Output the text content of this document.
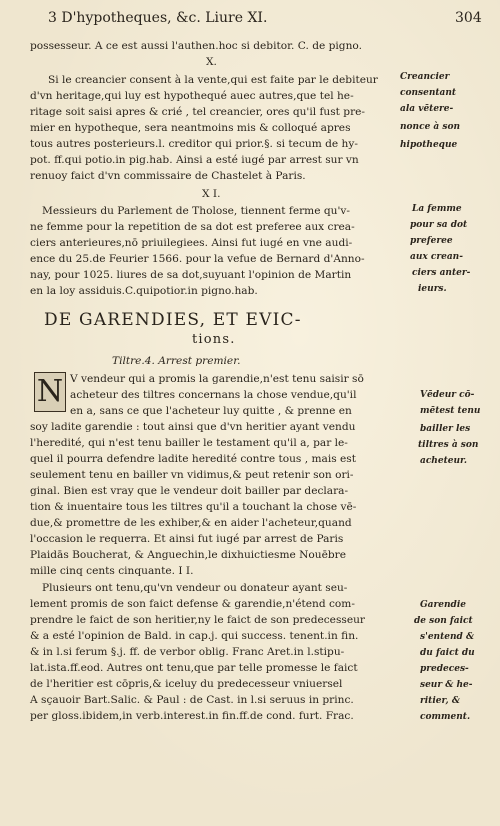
3 D'hypotheques, &c. Liure XI.	304
possesseur. A ce est aussi l'authen.hoc si debitor. C. de pigno.
X.
Si le creancier consent à la vente,qui est faite par le debiteur
d'vn heritage,qui luy est hypothequé auec autres,que tel he-
ritage soit saisi apres & crié , tel creancier, ores qu'il fust pre-
mier en hypotheque, sera neantmoins mis & colloqué apres
tous autres posterieurs.l. creditor qui prior.§. si tecum de hy-
pot. ff.qui potio.in pig.hab. Ainsi a esté iugé par arrest sur vn
renuoy faict d'vn commissaire de Chastelet à Paris.
X I.
Messieurs du Parlement de Tholose, tiennent ferme qu'v-
ne femme pour la repetition de sa dot est preferee aux crea-
ciers anterieures,nō priuilegiees. Ainsi fut iugé en vne audi-
ence du 25.de Feurier 1566. pour la vefue de Bernard d'Anno-
nay, pour 1025. liures de sa dot,suyuant l'opinion de Martin
en la loy assiduis.C.quipotior.in pigno.hab.
DE GARENDIES, ET EVIC-
tions.
Tiltre.4. Arrest premier.
N V vendeur qui a promis la garendie,n'est tenu saisir sō
acheteur des tiltres concernans la chose vendue,qu'il
en a, sans ce que l'acheteur luy quitte , & prenne en
soy ladite garendie : tout ainsi que d'vn heritier ayant vendu
l'heredité, qui n'est tenu bailler le testament qu'il a, par le-
quel il pourra defendre ladite heredité contre tous , mais est
seulement tenu en bailler vn vidimus,& peut retenir son ori-
ginal. Bien est vray que le vendeur doit bailler par declara-
tion & inuentaire tous les tiltres qu'il a touchant la chose vē-
due,& promettre de les exhiber,& en aider l'acheteur,quand
l'occasion le requerra. Et ainsi fut iugé par arrest de Paris
Plaidās Boucherat, & Anguechin,le dixhuictiesme Nouēbre
mille cinq cents cinquante. I I.
Plusieurs ont tenu,qu'vn vendeur ou donateur ayant seu-
lement promis de son faict defense & garendie,n'étend com-
prendre le faict de son heritier,ny le faict de son predecesseur
& a esté l'opinion de Bald. in cap.j. qui success. tenent.in fin.
& in l.si ferum §.j. ff. de verbor oblig. Franc Aret.in l.stipu-
lat.ista.ff.eod. Autres ont tenu,que par telle promesse le faict
de l'heritier est cōpris,& iceluy du predecesseur vniuersel
A sçauoir Bart.Salic. & Paul : de Cast. in l.si seruus in princ.
per gloss.ibidem,in verb.interest.in fin.ff.de cond. furt. Frac.
Creancier
consentant
ala vētere-
nonce à son
hipotheque
La femme
pour sa dot
preferee
aux crean-
ciers anter-
ieurs.
Vēdeur cō-
mētest tenu
bailler les
tiltres à son
acheteur.
Garendie
de son faict
s'entend &
du faict du
predeces-
seur & he-
ritier, &
comment.
